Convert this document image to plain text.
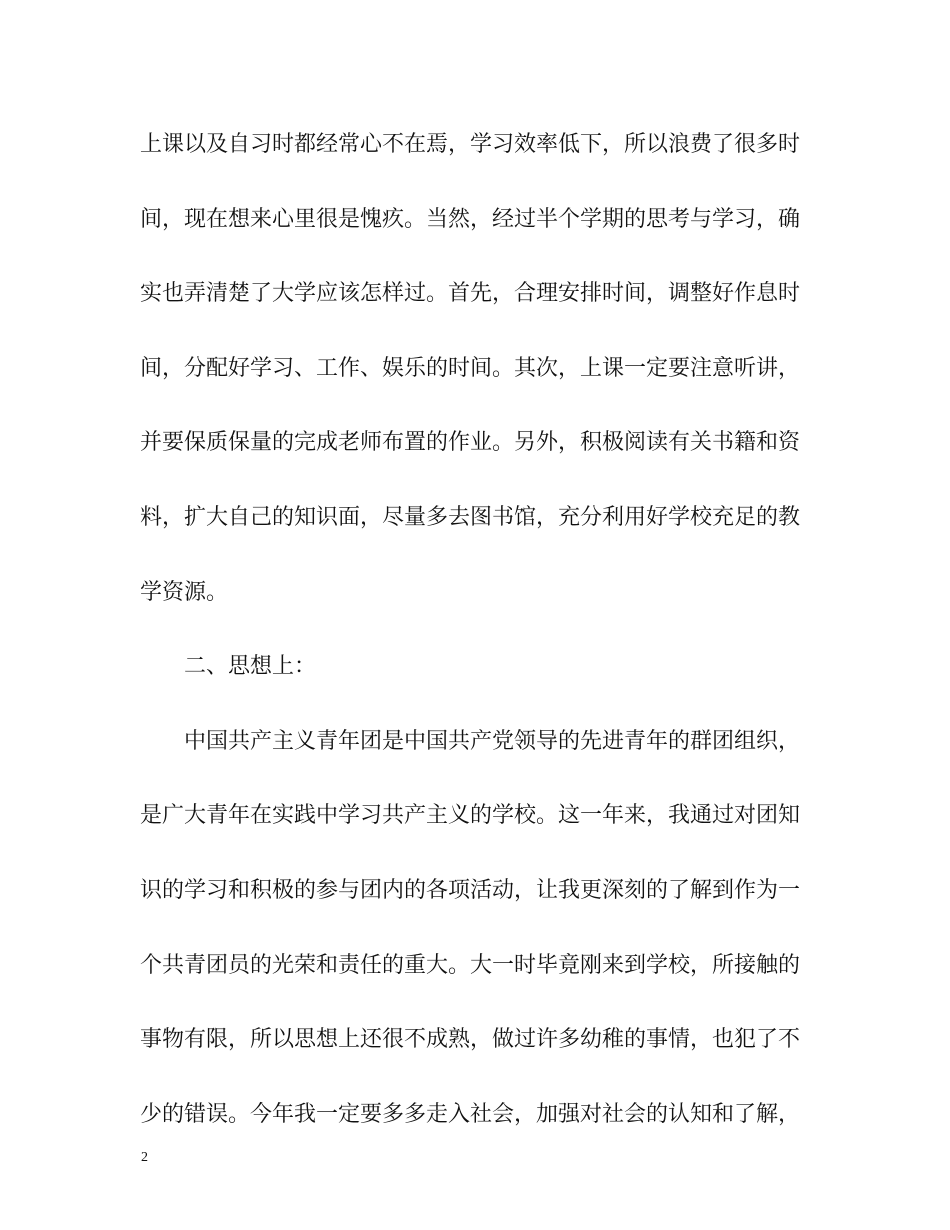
上课以及自习时都经常心不在焉，学习效率低下，所以浪费了很多时
间，现在想来心里很是愧疚。当然，经过半个学期的思考与学习，确
实也弄清楚了大学应该怎样过。首先，合理安排时间，调整好作息时
间，分配好学习、工作、娱乐的时间。其次，上课一定要注意听讲，
并要保质保量的完成老师布置的作业。另外，积极阅读有关书籍和资
料，扩大自己的知识面，尽量多去图书馆，充分利用好学校充足的教
学资源。
二、思想上：
中国共产主义青年团是中国共产党领导的先进青年的群团组织，
是广大青年在实践中学习共产主义的学校。这一年来，我通过对团知
识的学习和积极的参与团内的各项活动，让我更深刻的了解到作为一
个共青团员的光荣和责任的重大。大一时毕竟刚来到学校，所接触的
事物有限，所以思想上还很不成熟，做过许多幼稚的事情，也犯了不
少的错误。今年我一定要多多走入社会，加强对社会的认知和了解，
2
